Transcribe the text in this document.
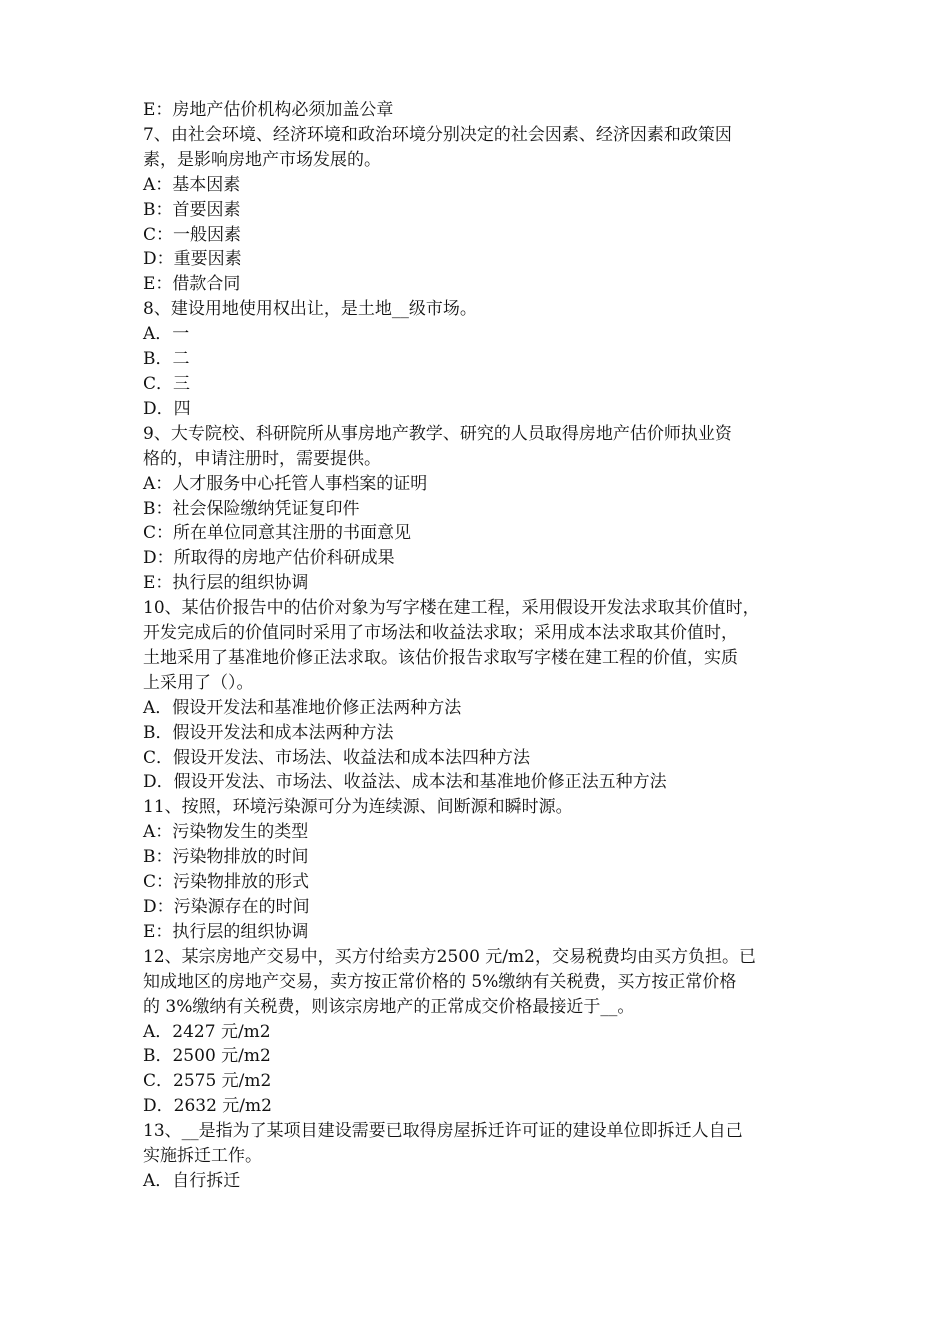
E：房地产估价机构必须加盖公章

7、由社会环境、经济环境和政治环境分别决定的社会因素、经济因素和政策因

素，是影响房地产市场发展的。

A：基本因素

B：首要因素

C：一般因素

D：重要因素

E：借款合同

8、建设用地使用权出让，是土地__级市场。

A．一

B．二

C．三

D．四

9、大专院校、科研院所从事房地产教学、研究的人员取得房地产估价师执业资

格的，申请注册时，需要提供。

A：人才服务中心托管人事档案的证明

B：社会保险缴纳凭证复印件

C：所在单位同意其注册的书面意见

D：所取得的房地产估价科研成果

E：执行层的组织协调

10、某估价报告中的估价对象为写字楼在建工程，采用假设开发法求取其价值时，

开发完成后的价值同时采用了市场法和收益法求取；采用成本法求取其价值时，

土地采用了基准地价修正法求取。该估价报告求取写字楼在建工程的价值，实质

上采用了（）。

A．假设开发法和基准地价修正法两种方法

B．假设开发法和成本法两种方法

C．假设开发法、市场法、收益法和成本法四种方法

D．假设开发法、市场法、收益法、成本法和基准地价修正法五种方法

11、按照，环境污染源可分为连续源、间断源和瞬时源。

A：污染物发生的类型

B：污染物排放的时间

C：污染物排放的形式

D：污染源存在的时间

E：执行层的组织协调

12、某宗房地产交易中，买方付给卖方2500 元/m2，交易税费均由买方负担。已

知成地区的房地产交易，卖方按正常价格的 5%缴纳有关税费，买方按正常价格

的 3%缴纳有关税费，则该宗房地产的正常成交价格最接近于__。

A．2427 元/m2

B．2500 元/m2

C．2575 元/m2

D．2632 元/m2

13、__是指为了某项目建设需要已取得房屋拆迁许可证的建设单位即拆迁人自己

实施拆迁工作。

A．自行拆迁
